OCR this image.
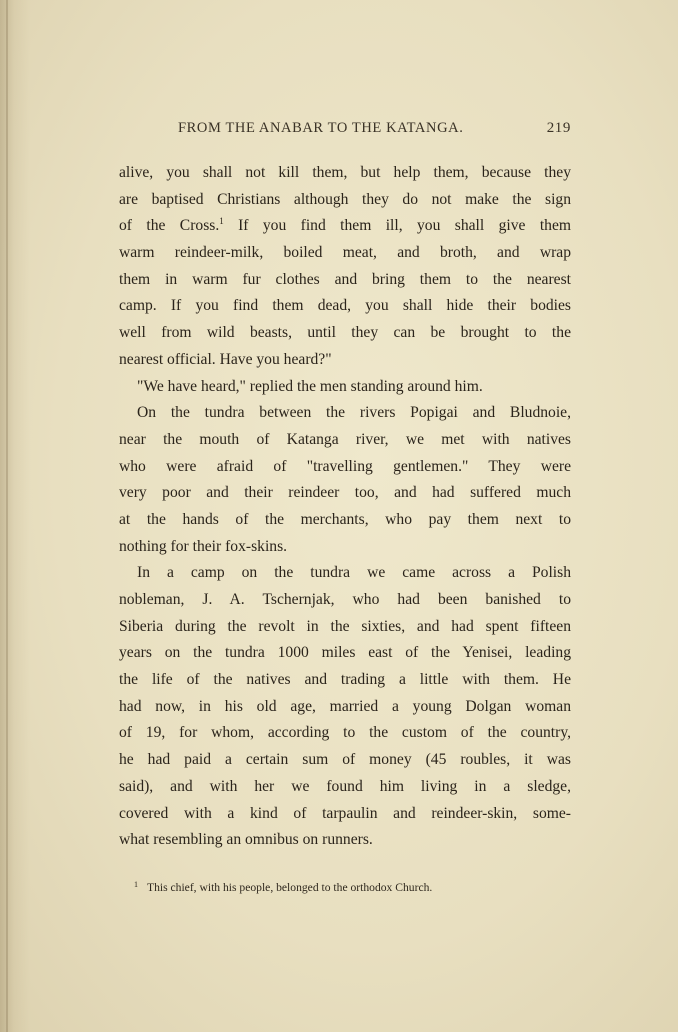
FROM THE ANABAR TO THE KATANGA.	219
alive, you shall not kill them, but help them, because they
are baptised Christians although they do not make the sign
of the Cross.$^1$ If you find them ill, you shall give them
warm reindeer-milk, boiled meat, and broth, and wrap
them in warm fur clothes and bring them to the nearest
camp. If you find them dead, you shall hide their bodies
well from wild beasts, until they can be brought to the
nearest official. Have you heard?"
"We have heard," replied the men standing around him.
On the tundra between the rivers Popigai and Bludnoie,
near the mouth of Katanga river, we met with natives
who were afraid of "travelling gentlemen." They were
very poor and their reindeer too, and had suffered much
at the hands of the merchants, who pay them next to
nothing for their fox-skins.
In a camp on the tundra we came across a Polish
nobleman, J. A. Tschernjak, who had been banished to
Siberia during the revolt in the sixties, and had spent fifteen
years on the tundra 1000 miles east of the Yenisei, leading
the life of the natives and trading a little with them. He
had now, in his old age, married a young Dolgan woman
of 19, for whom, according to the custom of the country,
he had paid a certain sum of money (45 roubles, it was
said), and with her we found him living in a sledge,
covered with a kind of tarpaulin and reindeer-skin, some-
what resembling an omnibus on runners.
$^1$ This chief, with his people, belonged to the orthodox Church.
